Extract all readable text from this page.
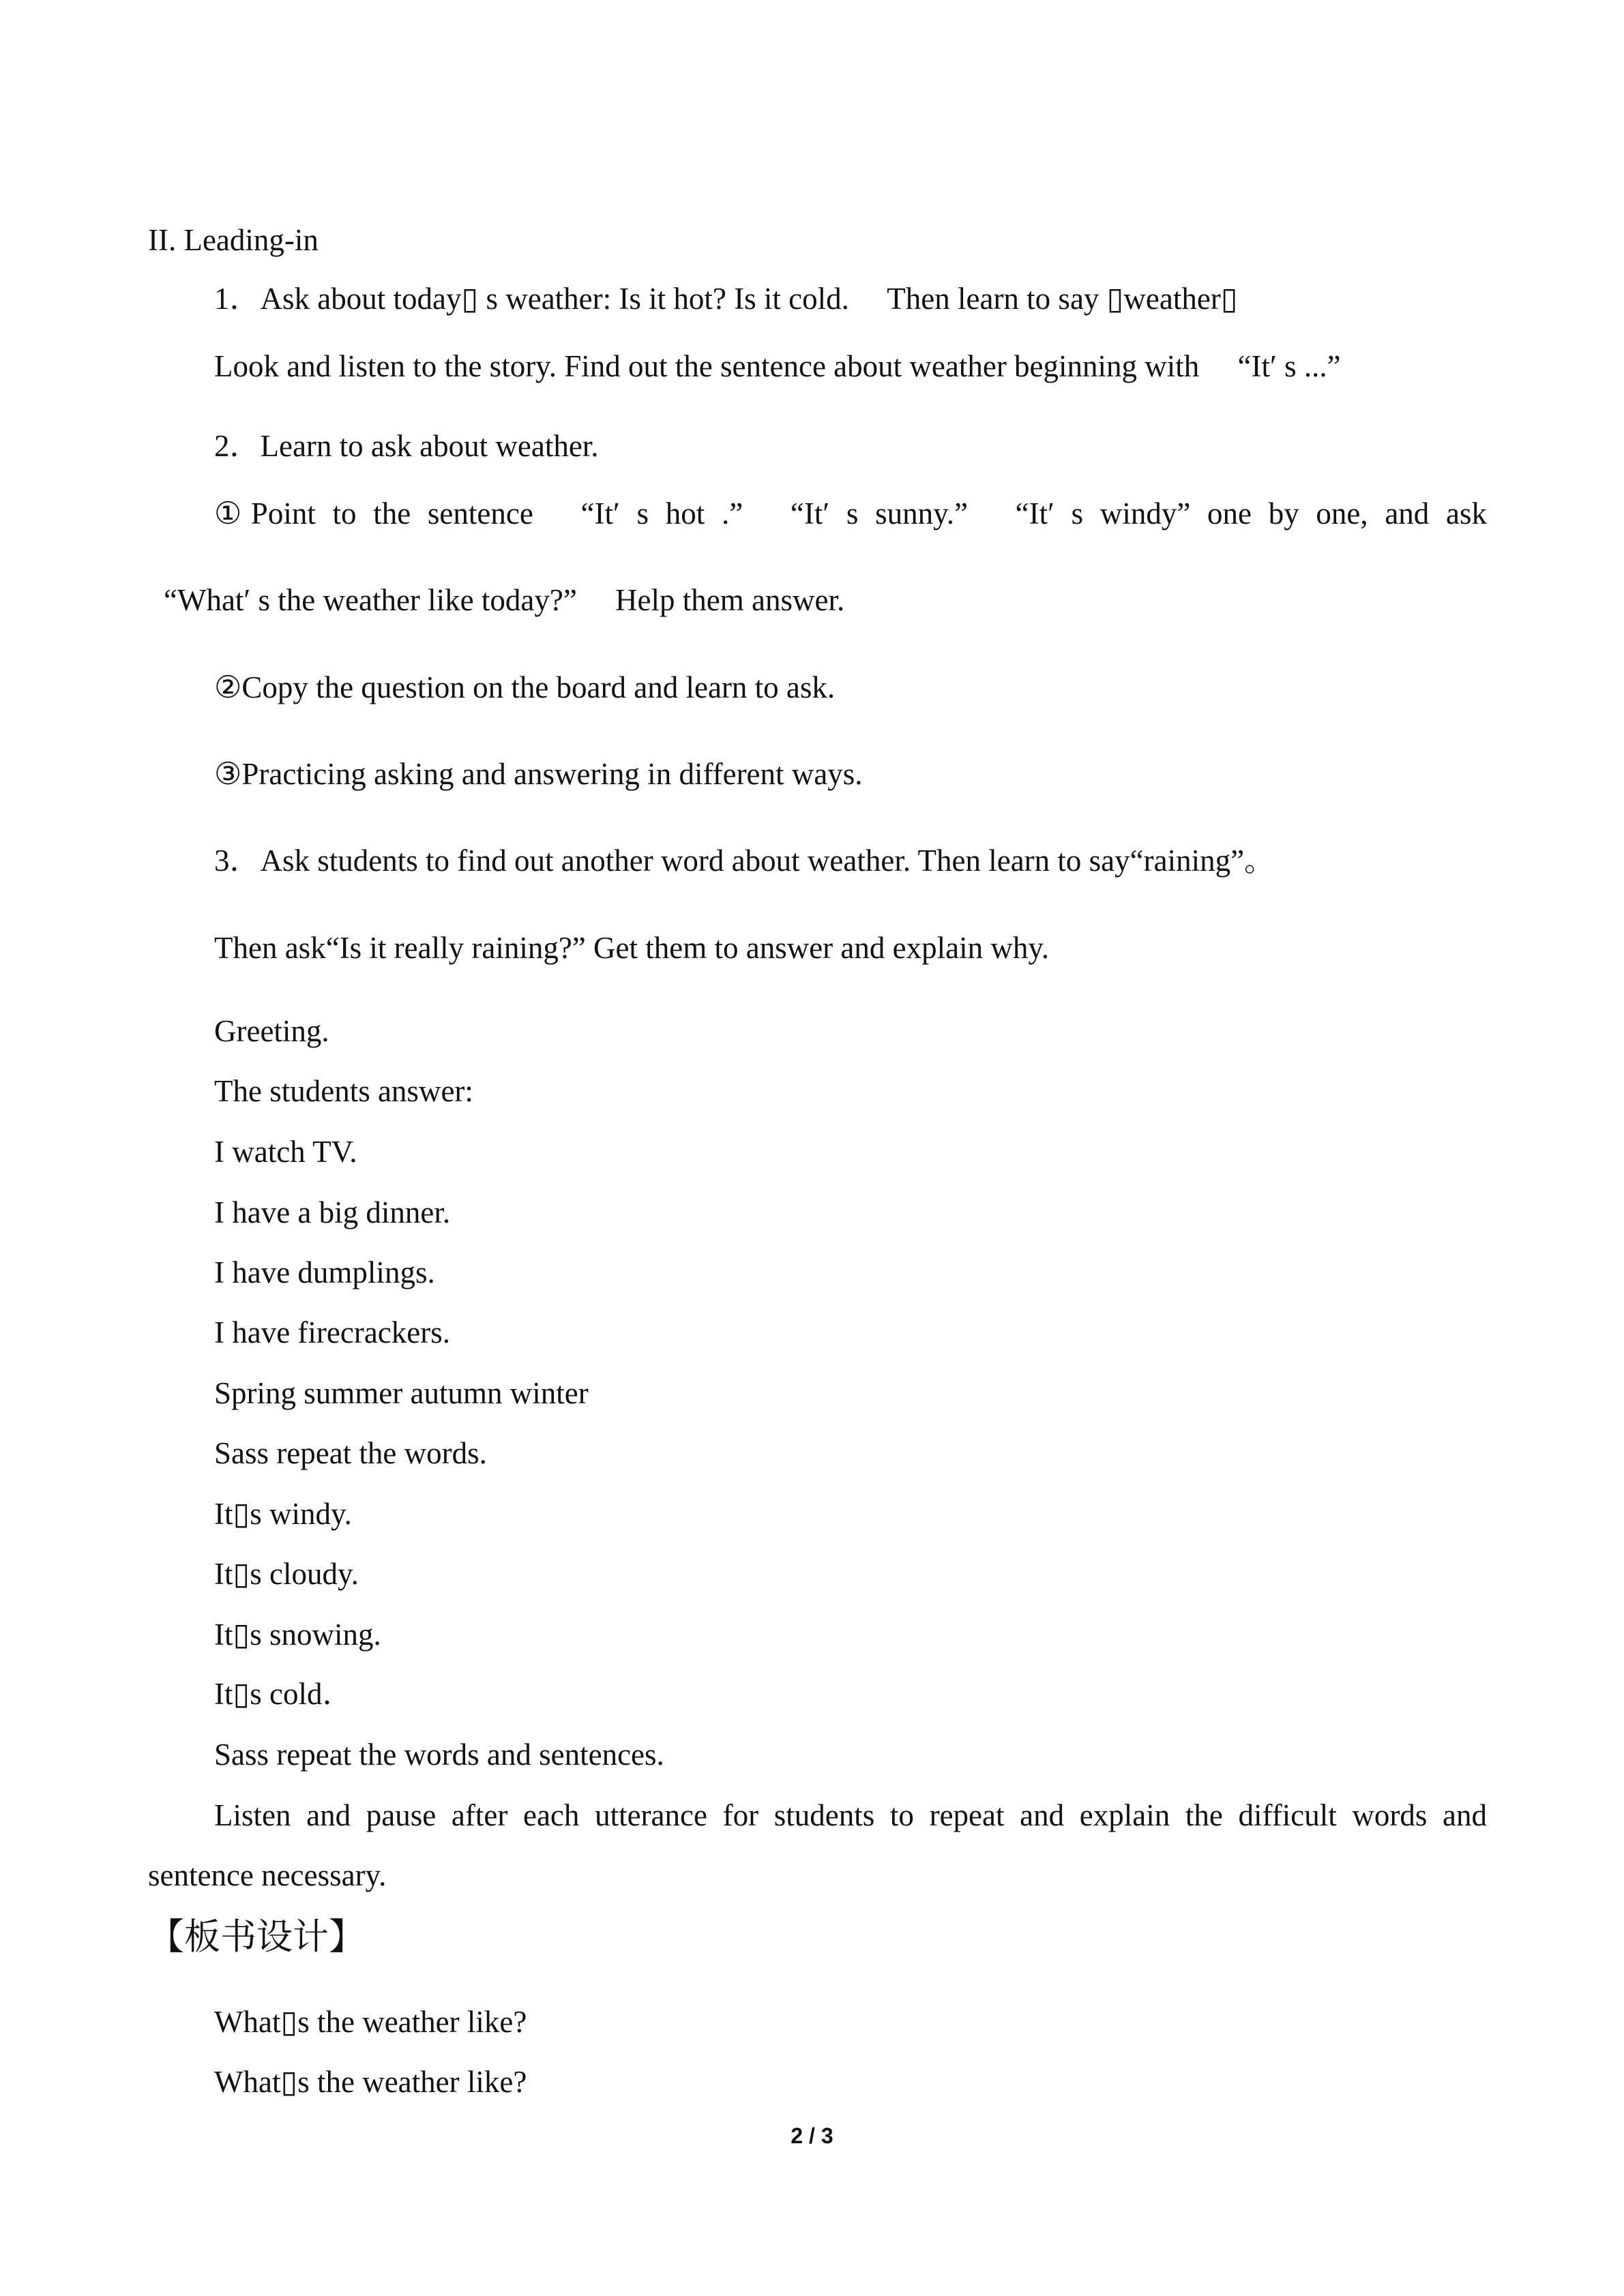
II. Leading-in
1．Ask about today▯ s weather: Is it hot? Is it cold.  Then learn to say ▯weather▯
Look and listen to the story. Find out the sentence about weather beginning with  “It′ s ...”
2．Learn to ask about weather.
①Point to the sentence  “It′ s hot .”  “It′ s sunny.”  “It′ s windy” one by one, and ask
“What′ s the weather like today?”  Help them answer.
②Copy the question on the board and learn to ask.
③Practicing asking and answering in different ways.
3．Ask students to find out another word about weather. Then learn to say“raining”。
Then ask“Is it really raining?” Get them to answer and explain why.
Greeting.
The students answer:
I watch TV.
I have a big dinner.
I have dumplings.
I have firecrackers.
Spring summer autumn winter
Sass repeat the words.
It▯s windy.
It▯s cloudy.
It▯s snowing.
It▯s cold．
Sass repeat the words and sentences.
Listen and pause after each utterance for students to repeat and explain the difficult words and
sentence necessary.
【板书设计】
What▯s the weather like?
What▯s the weather like?
2 / 3
